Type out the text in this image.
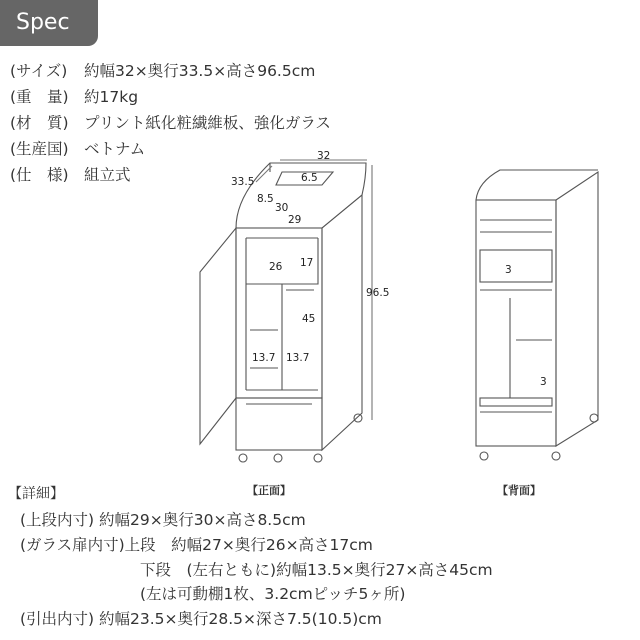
Spec
(サイズ) 約幅32×奥行33.5×高さ96.5cm
(重　量) 約17kg
(材　質) プリント紙化粧繊維板、強化ガラス
(生産国) ベトナム
(仕　様) 組立式
32
33.5	6.5
8.5
30
29
96.5
26 17
45
13.7 13.7
【正面】
3
3
【背面】
【詳細】
(上段内寸) 約幅29×奥行30×高さ8.5cm
(ガラス扉内寸)上段　約幅27×奥行26×高さ17cm
下段　(左右ともに)約幅13.5×奥行27×高さ45cm
(左は可動棚1枚、3.2cmピッチ5ヶ所)
(引出内寸) 約幅23.5×奥行28.5×深さ7.5(10.5)cm
